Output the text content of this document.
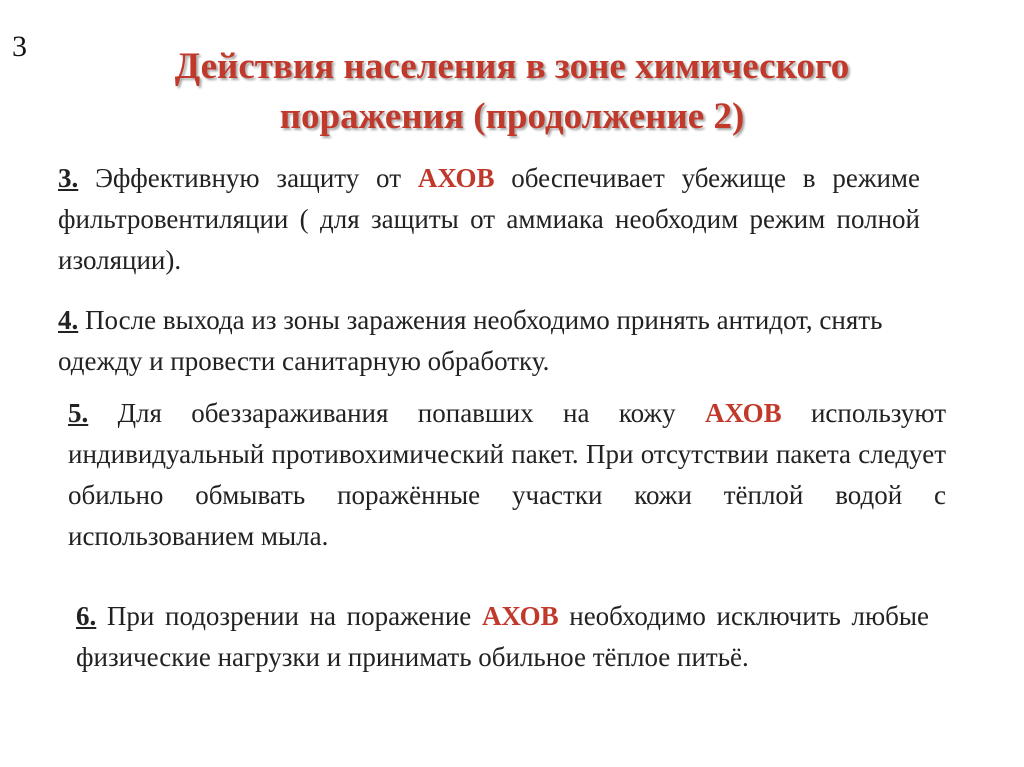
3	Действия населения в зоне химического
поражения (продолжение 2)
3. Эффективную защиту от АХОВ обеспечивает убежище в режиме фильтровентиляции ( для защиты от аммиака необходим режим полной изоляции).
4. После выхода из зоны заражения необходимо принять антидот, снять одежду и провести санитарную обработку.
5. Для обеззараживания попавших на кожу АХОВ используют индивидуальный противохимический пакет. При отсутствии пакета следует обильно обмывать поражённые участки кожи тёплой водой с использованием мыла.
6. При подозрении на поражение АХОВ необходимо исключить любые физические нагрузки и принимать обильное тёплое питьё.
